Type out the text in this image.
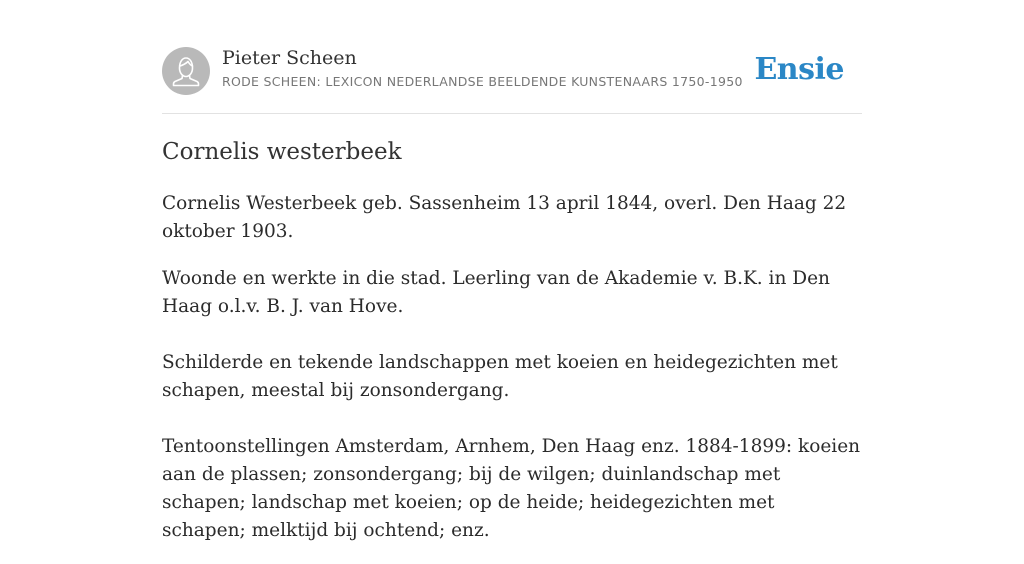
Pieter Scheen
RODE SCHEEN: LEXICON NEDERLANDSE BEELDENDE KUNSTENAARS 1750-1950 Ensie
Cornelis westerbeek

Cornelis Westerbeek geb. Sassenheim 13 april 1844, overl. Den Haag 22 oktober 1903.

Woonde en werkte in die stad. Leerling van de Akademie v. B.K. in Den Haag o.l.v. B. J. van Hove.

Schilderde en tekende landschappen met koeien en heidegezichten met schapen, meestal bij zonsondergang.

Tentoonstellingen Amsterdam, Arnhem, Den Haag enz. 1884-1899: koeien aan de plassen; zonsondergang; bij de wilgen; duinlandschap met schapen; landschap met koeien; op de heide; heidegezichten met schapen; melktijd bij ochtend; enz.
